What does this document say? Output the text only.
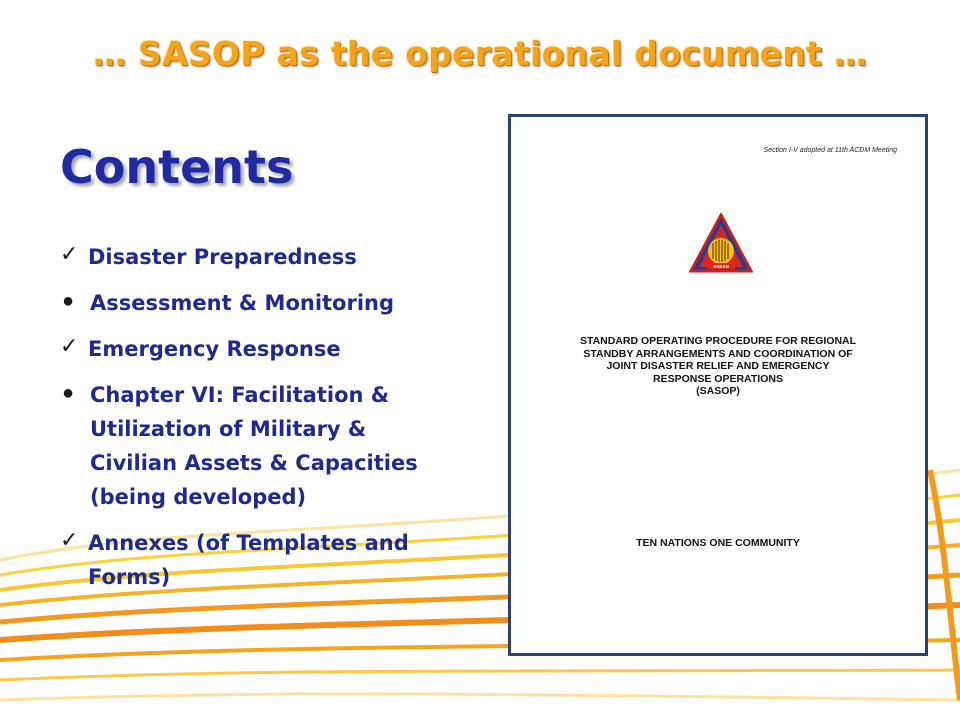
… SASOP as the operational document …
Contents
✓ Disaster Preparedness
● Assessment & Monitoring
✓ Emergency Response
● Chapter VI: Facilitation & Utilization of Military & Civilian Assets & Capacities (being developed)
✓ Annexes (of Templates and Forms)
Section I-V adopted at 11th ACDM Meeting
ASEAN
STANDARD OPERATING PROCEDURE FOR REGIONAL
STANDBY ARRANGEMENTS AND COORDINATION OF
JOINT DISASTER RELIEF AND EMERGENCY
RESPONSE OPERATIONS
(SASOP)
TEN NATIONS ONE COMMUNITY
